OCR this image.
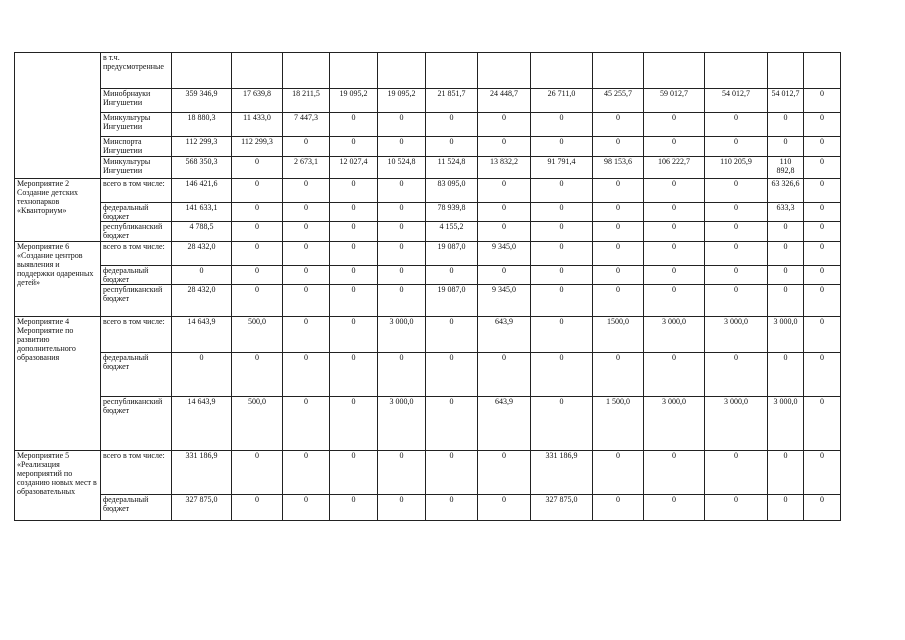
	в т.ч. предусмотренные													
	Минобрнауки Ингушетии	359 346,9	17 639,8	18 211,5	19 095,2	19 095,2	21 851,7	24 448,7	26 711,0	45 255,7	59 012,7	54 012,7	54 012,7	0
	Минкультуры Ингушетии	18 880,3	11 433,0	7 447,3	0	0	0	0	0	0	0	0	0	0
	Минспорта Ингушетии	112 299,3	112 299,3	0	0	0	0	0	0	0	0	0	0	0
	Минкультуры Ингушетии	568 350,3	0	2 673,1	12 027,4	10 524,8	11 524,8	13 832,2	91 791,4	98 153,6	106 222,7	110 205,9	110 892,8	0
Мероприятие 2 Создание детских технопарков «Кванториум»	всего в том числе:	146 421,6	0	0	0	0	83 095,0	0	0	0	0	0	63 326,6	0
	федеральный бюджет	141 633,1	0	0	0	0	78 939,8	0	0	0	0	0	633,3	0
	республиканский бюджет	4 788,5	0	0	0	0	4 155,2	0	0	0	0	0	0	0
Мероприятие 6 «Создание центров выявления и поддержки одаренных детей»	всего в том числе:	28 432,0	0	0	0	0	19 087,0	9 345,0	0	0	0	0	0	0
	федеральный бюджет	0	0	0	0	0	0	0	0	0	0	0	0	0
	республиканский бюджет	28 432,0	0	0	0	0	19 087,0	9 345,0	0	0	0	0	0	0
Мероприятие 4 Мероприятие по развитию дополнительного образования	всего в том числе:	14 643,9	500,0	0	0	3 000,0	0	643,9	0	1500,0	3 000,0	3 000,0	3 000,0	0
	федеральный бюджет	0	0	0	0	0	0	0	0	0	0	0	0	0
	республиканский бюджет	14 643,9	500,0	0	0	3 000,0	0	643,9	0	1 500,0	3 000,0	3 000,0	3 000,0	0
Мероприятие 5 «Реализация мероприятий по созданию новых мест в образовательных	всего в том числе:	331 186,9	0	0	0	0	0	0	331 186,9	0	0	0	0	0
	федеральный бюджет	327 875,0	0	0	0	0	0	0	327 875,0	0	0	0	0	0
